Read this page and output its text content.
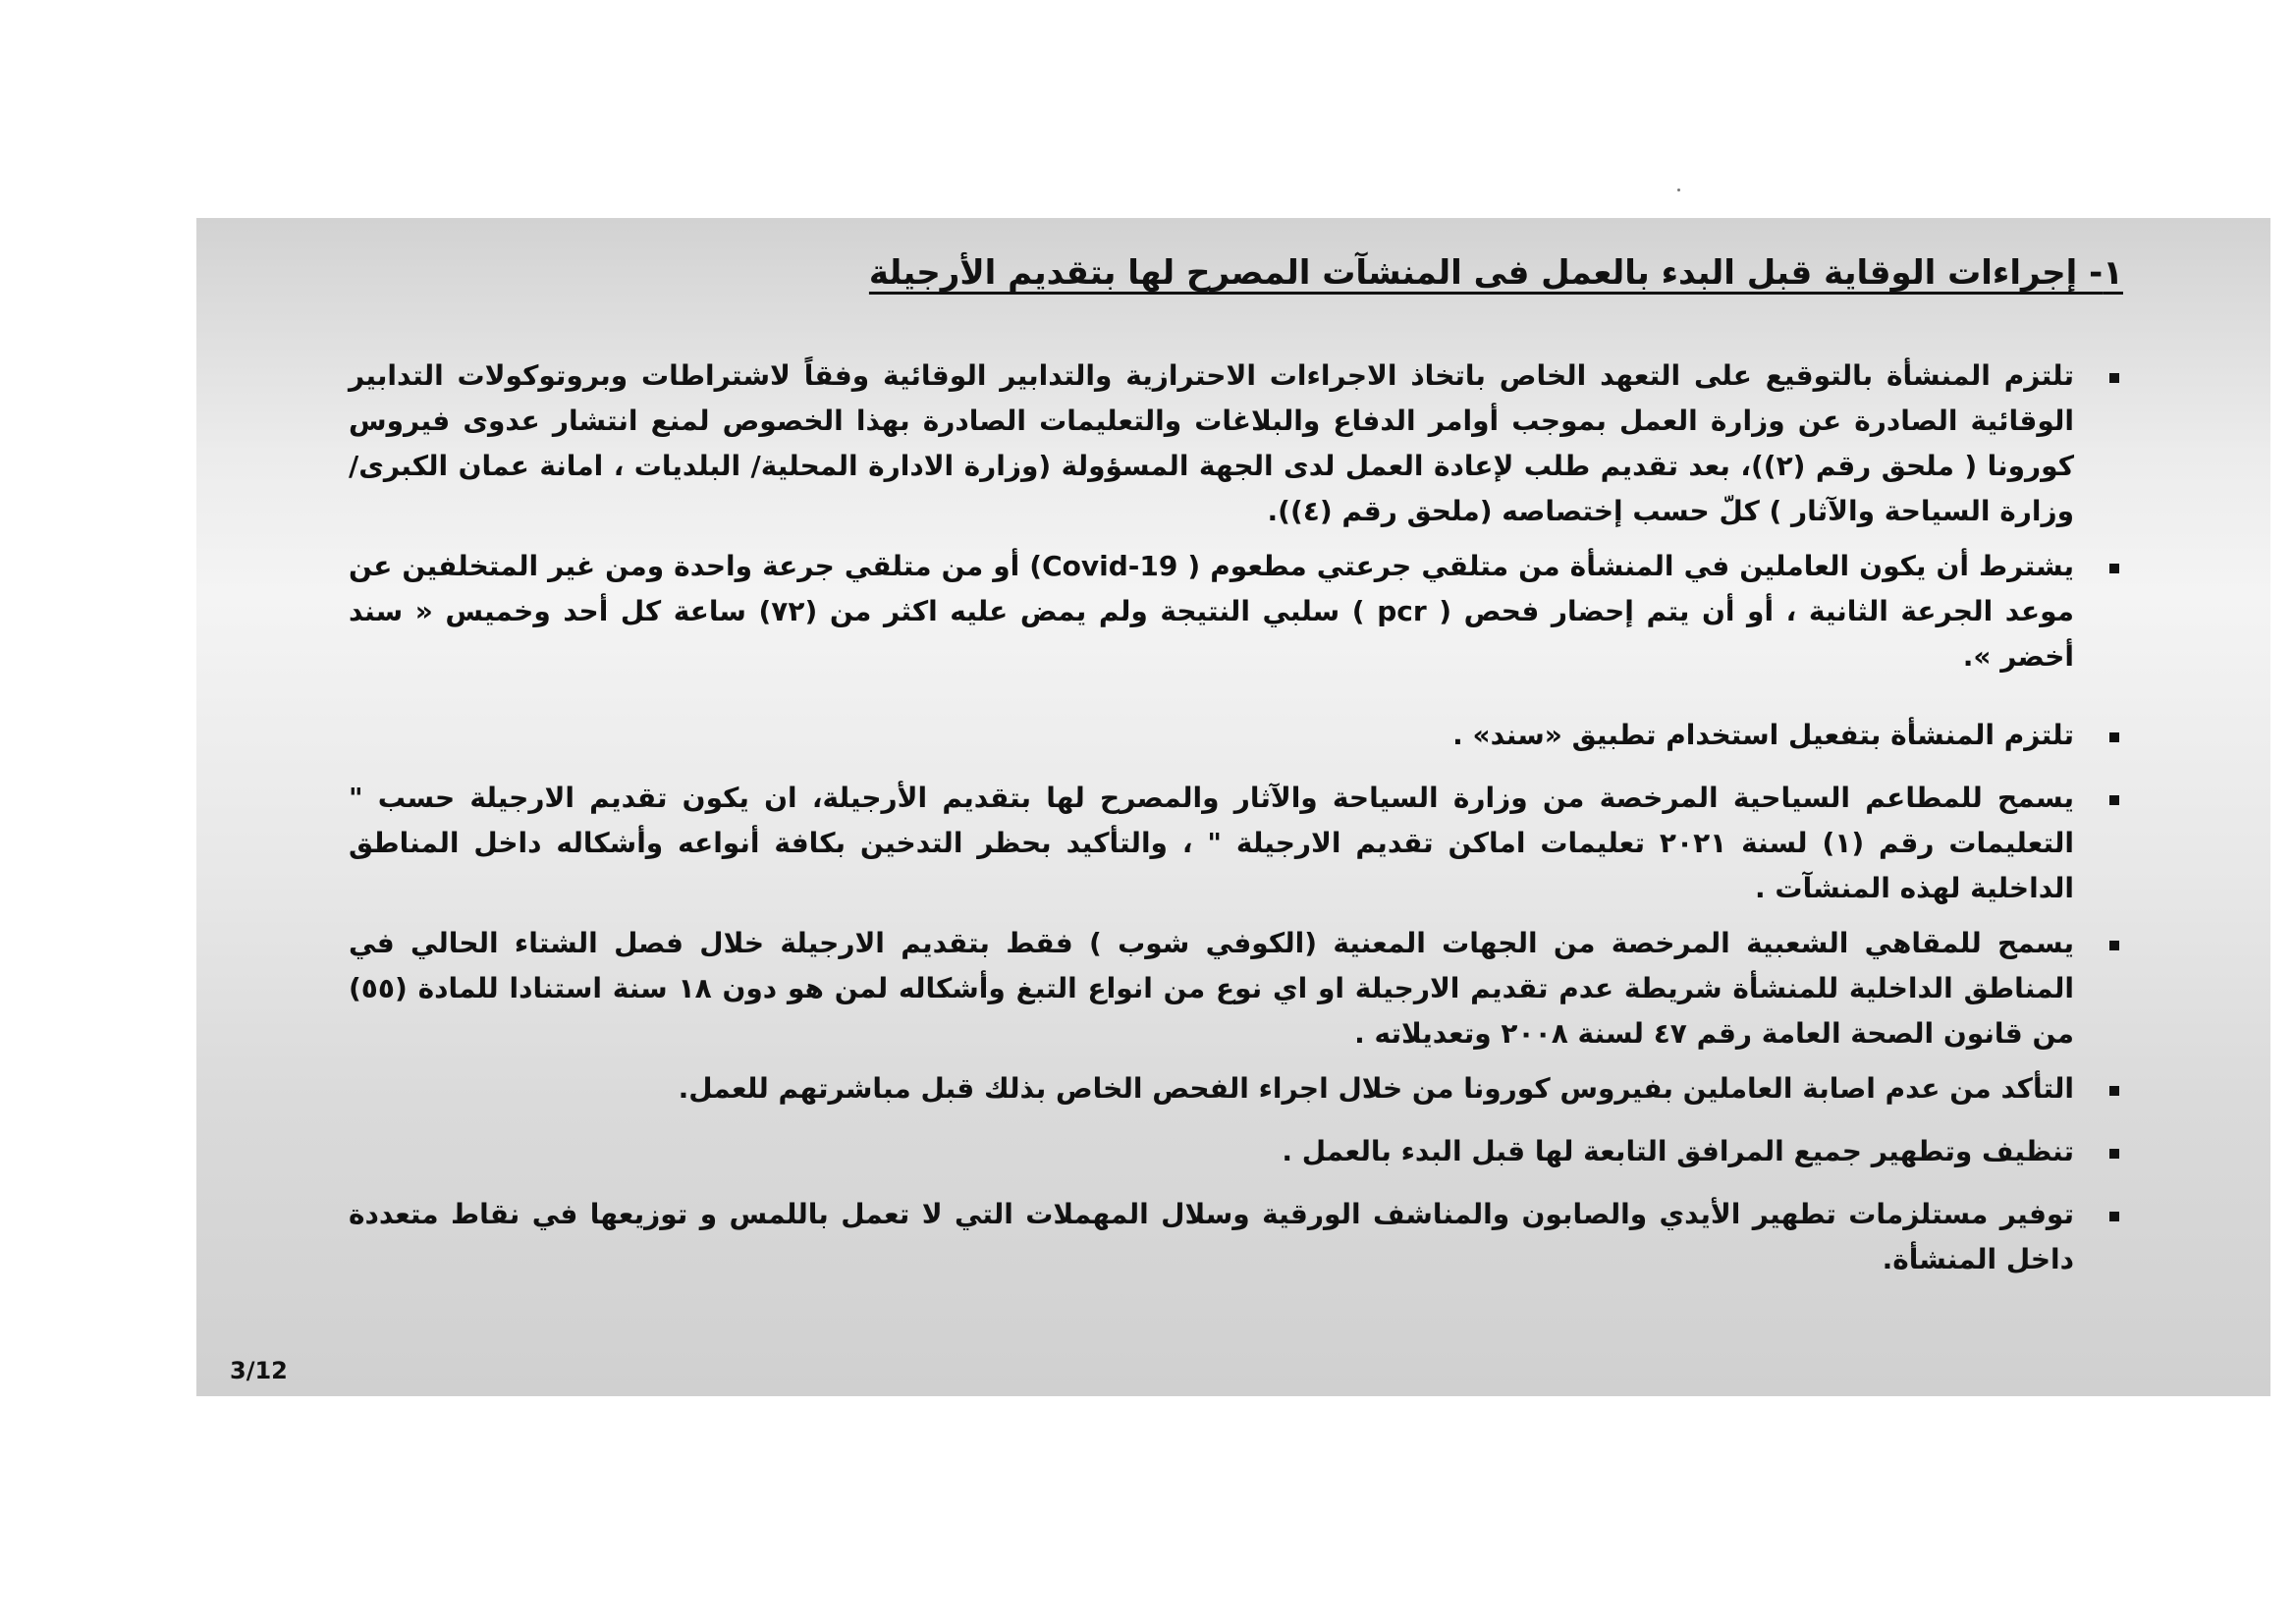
١- إجراءات الوقاية قبل البدء بالعمل فى المنشآت المصرح لها بتقديم الأرجيلة
تلتزم المنشأة بالتوقيع على التعهد الخاص باتخاذ الاجراءات الاحترازية والتدابير الوقائية وفقاً لاشتراطات وبروتوكولات التدابير الوقائية الصادرة عن وزارة العمل بموجب أوامر الدفاع والبلاغات والتعليمات الصادرة بهذا الخصوص لمنع انتشار عدوى فيروس كورونا ( ملحق رقم (٢))، بعد تقديم طلب لإعادة العمل لدى الجهة المسؤولة (وزارة الادارة المحلية/ البلديات ، امانة عمان الكبرى/ وزارة السياحة والآثار ) كلّ حسب إختصاصه (ملحق رقم (٤)).
يشترط أن يكون العاملين في المنشأة من متلقي جرعتي مطعوم ( Covid-19) أو من متلقي جرعة واحدة ومن غير المتخلفين عن موعد الجرعة الثانية ، أو أن يتم إحضار فحص ( pcr ) سلبي النتيجة ولم يمض عليه اكثر من (٧٢) ساعة كل أحد وخميس « سند أخضر ».
تلتزم المنشأة بتفعيل استخدام تطبيق «سند» .
يسمح للمطاعم السياحية المرخصة من وزارة السياحة والآثار والمصرح لها بتقديم الأرجيلة، ان يكون تقديم الارجيلة حسب " التعليمات رقم (١) لسنة ٢٠٢١ تعليمات اماكن تقديم الارجيلة " ، والتأكيد بحظر التدخين بكافة أنواعه وأشكاله داخل المناطق الداخلية لهذه المنشآت .
يسمح للمقاهي الشعبية المرخصة من الجهات المعنية (الكوفي شوب ) فقط بتقديم الارجيلة خلال فصل الشتاء الحالي في المناطق الداخلية للمنشأة شريطة عدم تقديم الارجيلة او اي نوع من انواع التبغ وأشكاله لمن هو دون ١٨ سنة استنادا للمادة (٥٥) من قانون الصحة العامة رقم ٤٧ لسنة ٢٠٠٨ وتعديلاته .
التأكد من عدم اصابة العاملين بفيروس كورونا من خلال اجراء الفحص الخاص بذلك قبل مباشرتهم للعمل.
تنظيف وتطهير جميع المرافق التابعة لها قبل البدء بالعمل .
توفير مستلزمات تطهير الأيدي والصابون والمناشف الورقية وسلال المهملات التي لا تعمل باللمس و توزيعها في نقاط متعددة داخل المنشأة.

3/12
